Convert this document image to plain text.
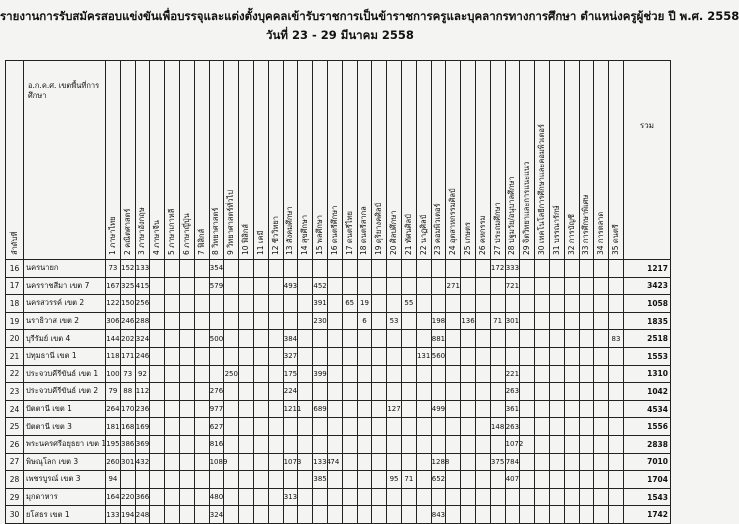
รายงานการรับสมัครสอบแข่งขันเพื่อบรรจุและแต่งตั้งบุคคลเข้ารับราชการเป็นข้าราชการครูและบุคลากรทางการศึกษา ตำแหน่งครูผู้ช่วย ปี พ.ศ. 2558
วันที่ 23 - 29 มีนาคม 2558
ลำดับที่	อ.ก.ค.ศ. เขตพื้นที่การศึกษา	1 ภาษาไทย	2 คณิตศาสตร์	3 ภาษาอังกฤษ	4 ภาษาจีน	5 ภาษาเกาหลี	6 ภาษาญี่ปุ่น	7 ฟิสิกส์	8 วิทยาศาสตร์	9 วิทยาศาสตร์ทั่วไป	10 ฟิสิกส์	11 เคมี	12 ชีววิทยา	13 สังคมศึกษา	14 สุขศึกษา	15 พลศึกษา	16 ดนตรีศึกษา	17 ดนตรีไทย	18 ดนตรีสากล	19 ดุริยางคศิลป์	20 ศิลปศึกษา	21 ทัศนศิลป์	22 นาฏศิลป์	23 คอมพิวเตอร์	24 อุตสาหกรรมศิลป์	25 เกษตร	26 คหกรรม	27 ประถมศึกษา	28 ปฐมวัย/อนุบาลศึกษา	29 จิตวิทยาและการแนะแนว	30 เทคโนโลยีการศึกษาและคอมพิวเตอร์	31 บรรณารักษ์	32 การบัญชี	33 การศึกษาพิเศษ	34 การตลาด	35 ดนตรี	รวม
16	นครนายก	73	152	133					354																			172	333								1217
17	นครราชสีมา เขต 7	167	325	415					579					493		452									271				721								3423
18	นครสวรรค์ เขต 2	122	150	256												391		65	19			55															1058
19	นราธิวาส เขต 2	306	246	288												230			6		53			198		136		71	301								1835
20	บุรีรัมย์ เขต 4	144	202	324					500					384										881												83	2518
21	ปทุมธานี เขต 1	118	171	246										327									131	560													1553
22	ประจวบคีรีขันธ์ เขต 1	100	73	92						250				175		399													221								1310
23	ประจวบคีรีขันธ์ เขต 2	79	88	112					276					224															263								1042
24	ปัตตานี เขต 1	264	170	236					977					1211		689					127			499					361								4534
25	ปัตตานี เขต 3	181	168	169					627																			148	263								1556
26	พระนครศรีอยุธยา เขต 1	195	386	369					816																				1072								2838
27	พิษณุโลก เขต 3	260	301	432					1089					1073		1334	74							1288				375	784								7010
28	เพชรบูรณ์ เขต 3	94														385					95	71		652					407								1704
29	มุกดาหาร	164	220	366					480					313																							1543
30	ยโสธร เขต 1	133	194	248					324															843													1742
